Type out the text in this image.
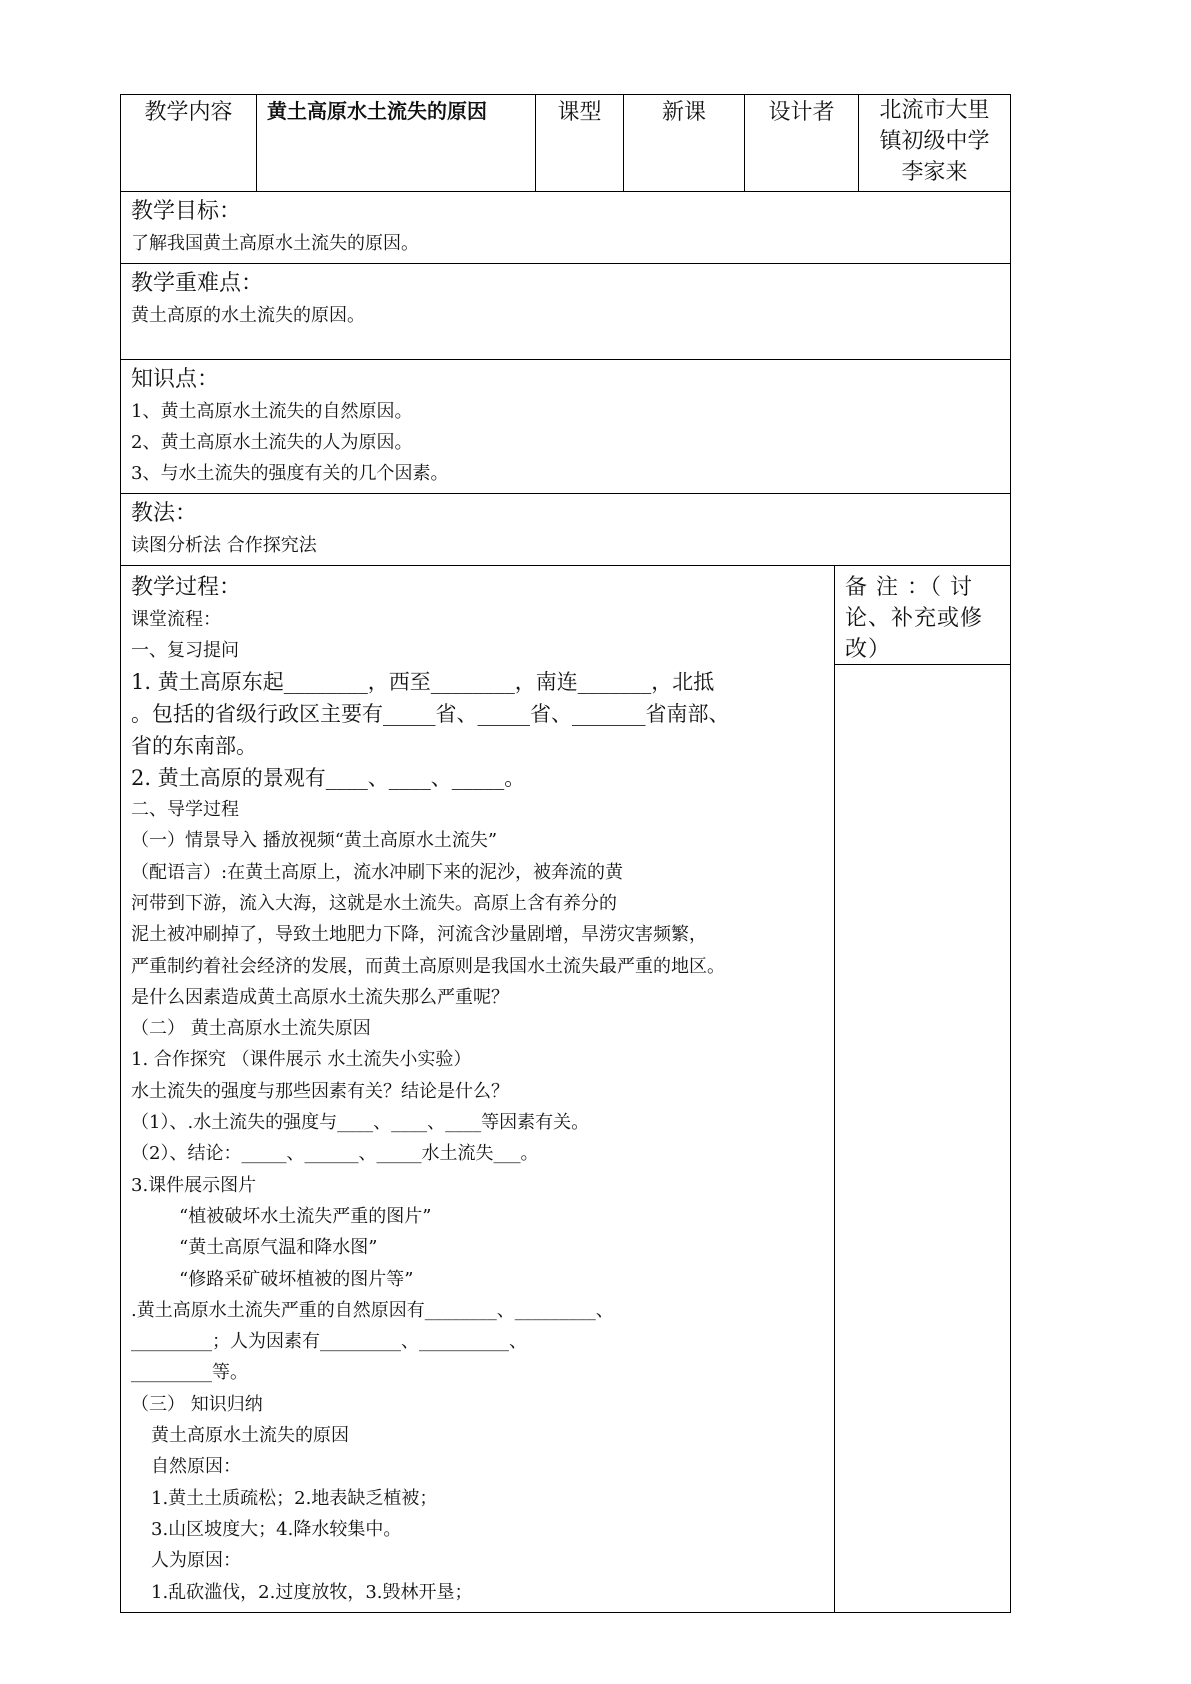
教学内容	黄土高原水土流失的原因	课型	新课	设计者	北流市大里
镇初级中学
李家来

教学目标：
了解我国黄土高原水土流失的原因。

教学重难点：
黄土高原的水土流失的原因。

知识点：
1、黄土高原水土流失的自然原因。
2、黄土高原水土流失的人为原因。
3、与水土流失的强度有关的几个因素。

教法：
读图分析法 合作探究法
教学过程：
课堂流程：
一、复习提问
1. 黄土高原东起________，西至________，南连_______，北抵
。包括的省级行政区主要有_____省、_____省、_______省南部、
省的东南部。
2. 黄土高原的景观有____、____、_____。
二、导学过程
（一）情景导入 播放视频“黄土高原水土流失”
（配语言）:在黄土高原上，流水冲刷下来的泥沙，被奔流的黄
河带到下游，流入大海，这就是水土流失。高原上含有养分的
泥土被冲刷掉了，导致土地肥力下降，河流含沙量剧增，旱涝灾害频繁，
严重制约着社会经济的发展，而黄土高原则是我国水土流失最严重的地区。
是什么因素造成黄土高原水土流失那么严重呢？
（二） 黄土高原水土流失原因
1. 合作探究 （课件展示 水土流失小实验）
水土流失的强度与那些因素有关？结论是什么？
（1）、.水土流失的强度与____、____、____等因素有关。
（2）、结论：_____、______、_____水土流失___。
3.课件展示图片
“植被破坏水土流失严重的图片”
“黄土高原气温和降水图”
“修路采矿破坏植被的图片等”
.黄土高原水土流失严重的自然原因有________、_________、
_________；人为因素有_________、__________、
_________等。
（三） 知识归纳
黄土高原水土流失的原因
自然原因：
1.黄土土质疏松；2.地表缺乏植被；
3.山区坡度大；4.降水较集中。
人为原因：
1.乱砍滥伐，2.过度放牧，3.毁林开垦；

备 注 ：（ 讨
论、补充或修
改）
